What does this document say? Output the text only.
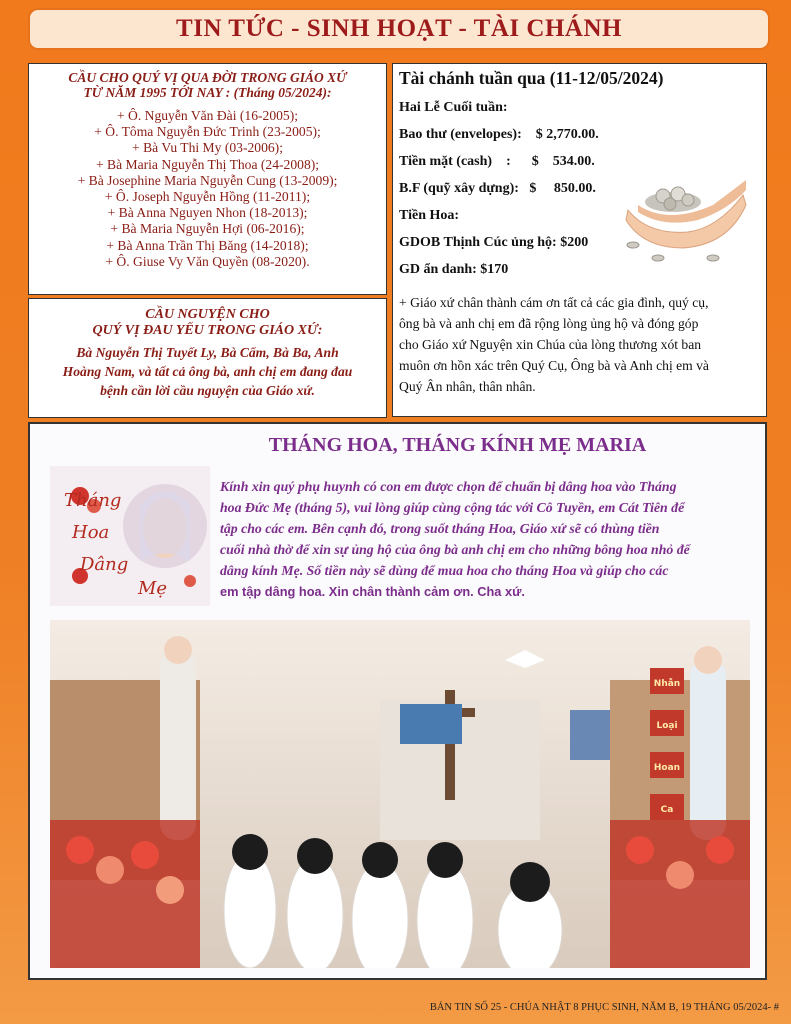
TIN TỨC - SINH HOẠT - TÀI CHÁNH
CẦU CHO QUÝ VỊ QUA ĐỜI TRONG GIÁO XỨ
TỪ NĂM 1995 TỚI NAY : (Tháng 05/2024):
+ Ô. Nguyễn Văn Đài (16-2005);
+ Ô. Tôma Nguyễn Đức Trinh (23-2005);
+ Bà Vu Thi My (03-2006);
+ Bà Maria Nguyễn Thị Thoa (24-2008);
+ Bà Josephine Maria Nguyễn Cung (13-2009);
+ Ô. Joseph Nguyễn Hồng (11-2011);
+ Bà Anna Nguyen Nhon (18-2013);
+ Bà Maria Nguyễn Hợi (06-2016);
+ Bà Anna Trần Thị Băng (14-2018);
+ Ô. Giuse Vy Văn Quyền (08-2020).
CẦU NGUYỆN CHO
QUÝ VỊ ĐAU YẾU TRONG GIÁO XỨ:
Bà Nguyễn Thị Tuyết Ly, Bà Cẩm, Bà Ba, Anh
Hoàng Nam, và tất cả ông bà, anh chị em đang đau
bệnh cần lời cầu nguyện của Giáo xứ.
Tài chánh tuần qua (11-12/05/2024)
Hai Lễ Cuối tuần:
Bao thư (envelopes): $ 2,770.00.
Tiền mặt (cash)    : $    534.00.
B.F (quỹ xây dựng): $     850.00.
Tiền Hoa:
GDOB Thịnh Cúc ủng hộ: $200
GD ẩn danh: $170
+ Giáo xứ chân thành cám ơn tất cả các gia đình, quý cụ,
ông bà và anh chị em đã rộng lòng ủng hộ và đóng góp
cho Giáo xứ Nguyện xin Chúa của lòng thương xót ban
muôn ơn hồn xác trên Quý Cụ, Ông bà và Anh chị em và
Quý Ân nhân, thân nhân.
THÁNG HOA, THÁNG KÍNH MẸ MARIA
Tháng
Hoa
Dâng
Mẹ
Kính xin quý phụ huynh có con em được chọn để chuẩn bị dâng hoa vào Tháng
hoa Đức Mẹ (tháng 5), vui lòng giúp cùng cộng tác với Cô Tuyền, em Cát Tiên để
tập cho các em. Bên cạnh đó, trong suốt tháng Hoa, Giáo xứ sẽ có thùng tiền
cuối nhà thờ để xin sự ủng hộ của ông bà anh chị em cho những bông hoa nhỏ để
dâng kính Mẹ. Số tiền này sẽ dùng để mua hoa cho tháng Hoa và giúp cho các
em tập dâng hoa. Xin chân thành cảm ơn. Cha xứ.
Nhẫn
Loại
Hoan
Ca
BẢN TIN SỐ 25 - CHÚA NHẬT 8 PHỤC SINH, NĂM B, 19 THÁNG 05/2024- #
